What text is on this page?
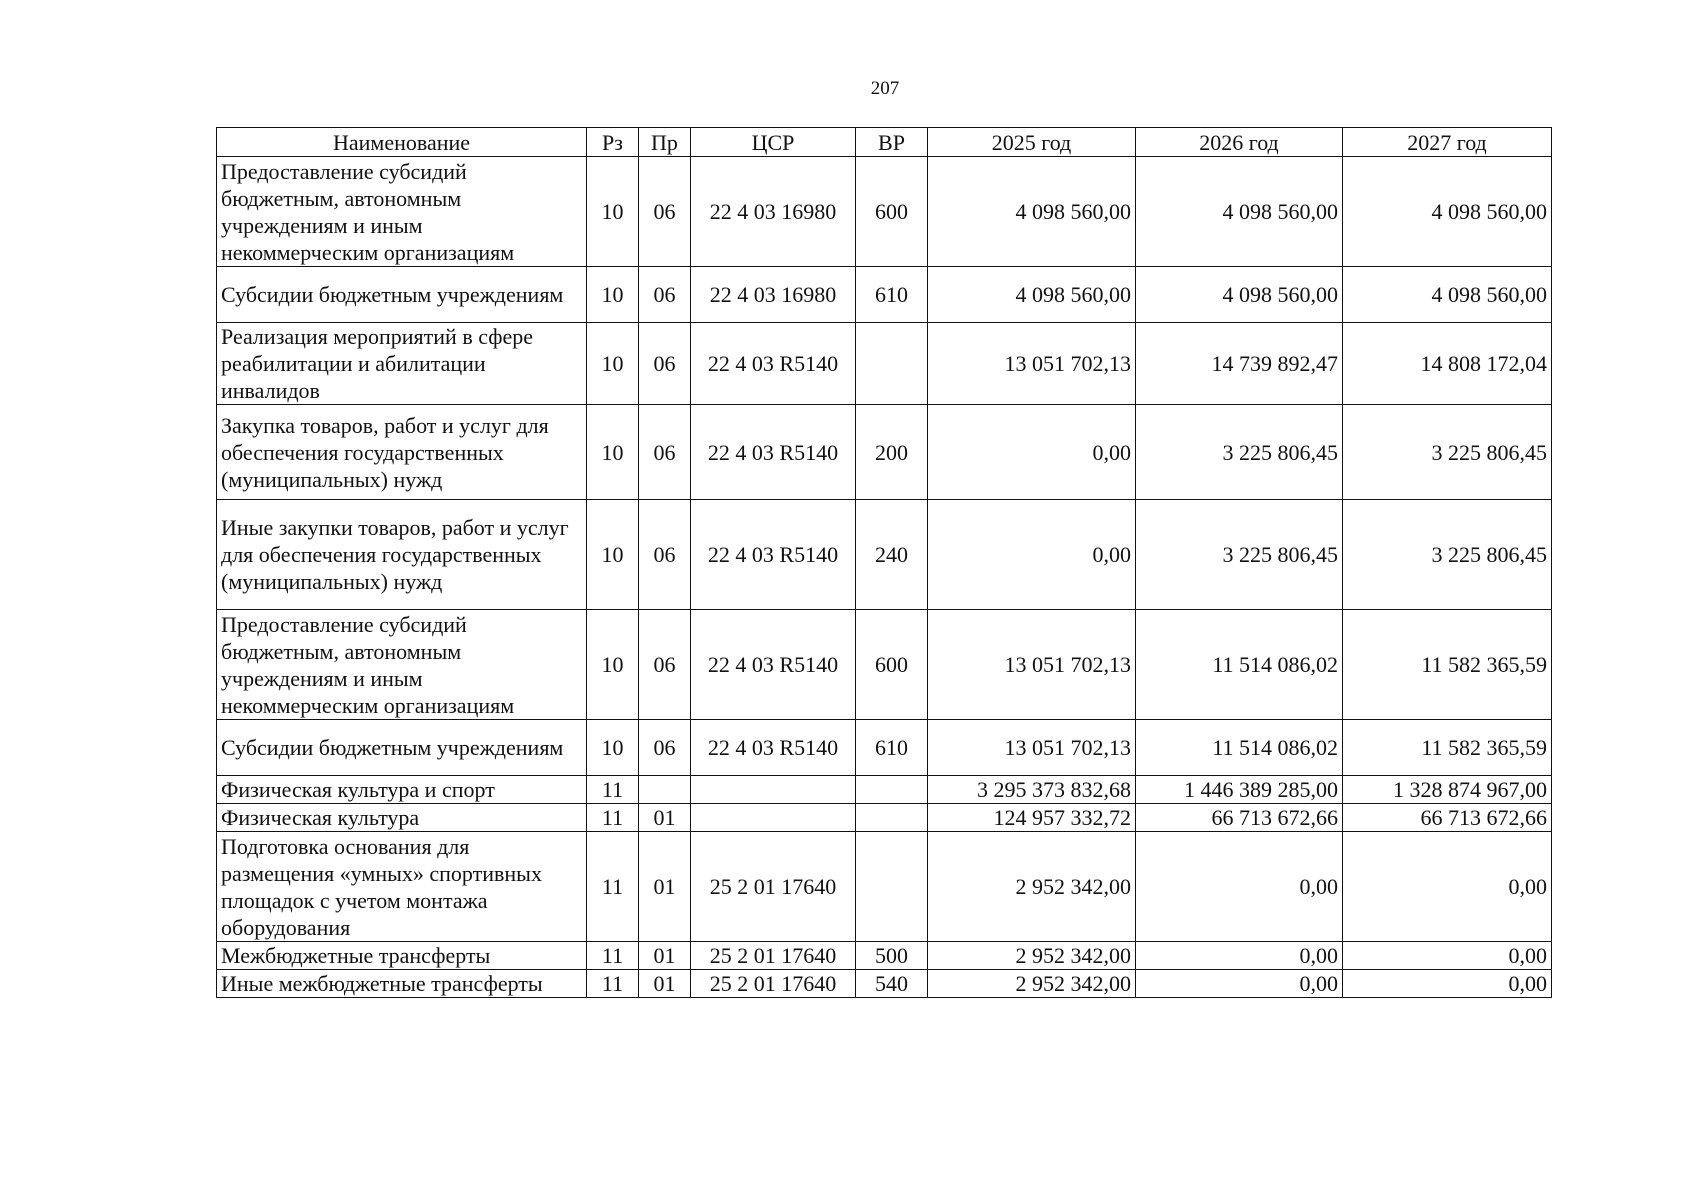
207
Наименование	Рз	Пр	ЦСР	ВР	2025 год	2026 год	2027 год
Предоставление субсидий бюджетным, автономным учреждениям и иным некоммерческим организациям	10	06	22 4 03 16980	600	4 098 560,00	4 098 560,00	4 098 560,00
Субсидии бюджетным учреждениям	10	06	22 4 03 16980	610	4 098 560,00	4 098 560,00	4 098 560,00
Реализация мероприятий в сфере реабилитации и абилитации инвалидов	10	06	22 4 03 R5140		13 051 702,13	14 739 892,47	14 808 172,04
Закупка товаров, работ и услуг для обеспечения государственных (муниципальных) нужд	10	06	22 4 03 R5140	200	0,00	3 225 806,45	3 225 806,45
Иные закупки товаров, работ и услуг для обеспечения государственных (муниципальных) нужд	10	06	22 4 03 R5140	240	0,00	3 225 806,45	3 225 806,45
Предоставление субсидий бюджетным, автономным учреждениям и иным некоммерческим организациям	10	06	22 4 03 R5140	600	13 051 702,13	11 514 086,02	11 582 365,59
Субсидии бюджетным учреждениям	10	06	22 4 03 R5140	610	13 051 702,13	11 514 086,02	11 582 365,59
Физическая культура и спорт	11				3 295 373 832,68	1 446 389 285,00	1 328 874 967,00
Физическая культура	11	01			124 957 332,72	66 713 672,66	66 713 672,66
Подготовка основания для размещения «умных» спортивных площадок с учетом монтажа оборудования	11	01	25 2 01 17640		2 952 342,00	0,00	0,00
Межбюджетные трансферты	11	01	25 2 01 17640	500	2 952 342,00	0,00	0,00
Иные межбюджетные трансферты	11	01	25 2 01 17640	540	2 952 342,00	0,00	0,00
